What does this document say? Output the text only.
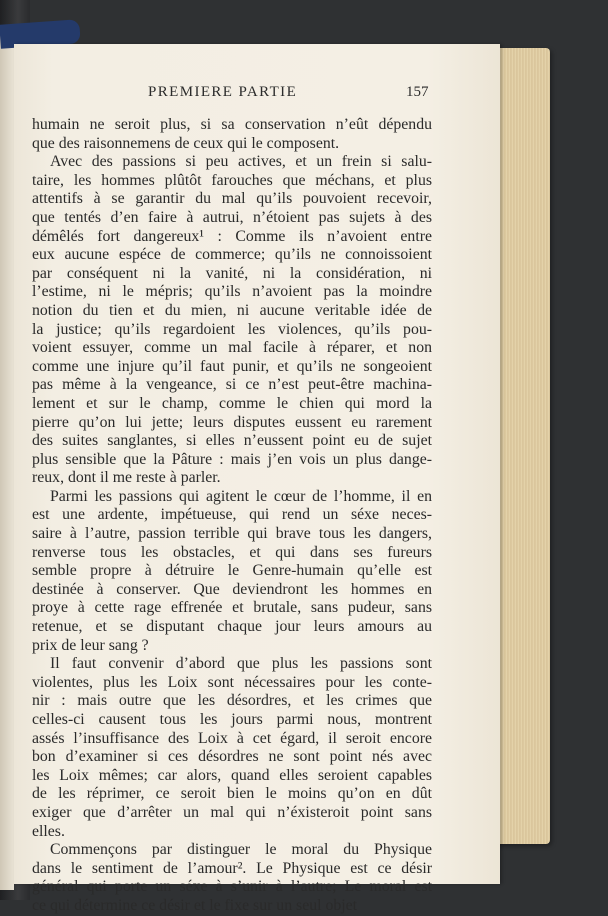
PREMIERE PARTIE	157
humain ne seroit plus, si sa conservation n’eût dépendu
que des raisonnemens de ceux qui le composent.
Avec des passions si peu actives, et un frein si salu-
taire, les hommes plûtôt farouches que méchans, et plus
attentifs à se garantir du mal qu’ils pouvoient recevoir,
que tentés d’en faire à autrui, n’étoient pas sujets à des
démêlés fort dangereux¹ : Comme ils n’avoient entre
eux aucune espéce de commerce; qu’ils ne connoissoient
par conséquent ni la vanité, ni la considération, ni
l’estime, ni le mépris; qu’ils n’avoient pas la moindre
notion du tien et du mien, ni aucune veritable idée de
la justice; qu’ils regardoient les violences, qu’ils pou-
voient essuyer, comme un mal facile à réparer, et non
comme une injure qu’il faut punir, et qu’ils ne songeoient
pas même à la vengeance, si ce n’est peut-être machina-
lement et sur le champ, comme le chien qui mord la
pierre qu’on lui jette; leurs disputes eussent eu rarement
des suites sanglantes, si elles n’eussent point eu de sujet
plus sensible que la Pâture : mais j’en vois un plus dange-
reux, dont il me reste à parler.
Parmi les passions qui agitent le cœur de l’homme, il en
est une ardente, impétueuse, qui rend un séxe neces-
saire à l’autre, passion terrible qui brave tous les dangers,
renverse tous les obstacles, et qui dans ses fureurs
semble propre à détruire le Genre-humain qu’elle est
destinée à conserver. Que deviendront les hommes en
proye à cette rage effrenée et brutale, sans pudeur, sans
retenue, et se disputant chaque jour leurs amours au
prix de leur sang ?
Il faut convenir d’abord que plus les passions sont
violentes, plus les Loix sont nécessaires pour les conte-
nir : mais outre que les désordres, et les crimes que
celles-ci causent tous les jours parmi nous, montrent
assés l’insuffisance des Loix à cet égard, il seroit encore
bon d’examiner si ces désordres ne sont point nés avec
les Loix mêmes; car alors, quand elles seroient capables
de les réprimer, ce seroit bien le moins qu’on en dût
exiger que d’arrêter un mal qui n’éxisteroit point sans
elles.
Commençons par distinguer le moral du Physique
dans le sentiment de l’amour². Le Physique est ce désir
général qui porte un séxe à s’unir à l’autre; Le moral est
ce qui détermine ce désir et le fixe sur un seul objet
